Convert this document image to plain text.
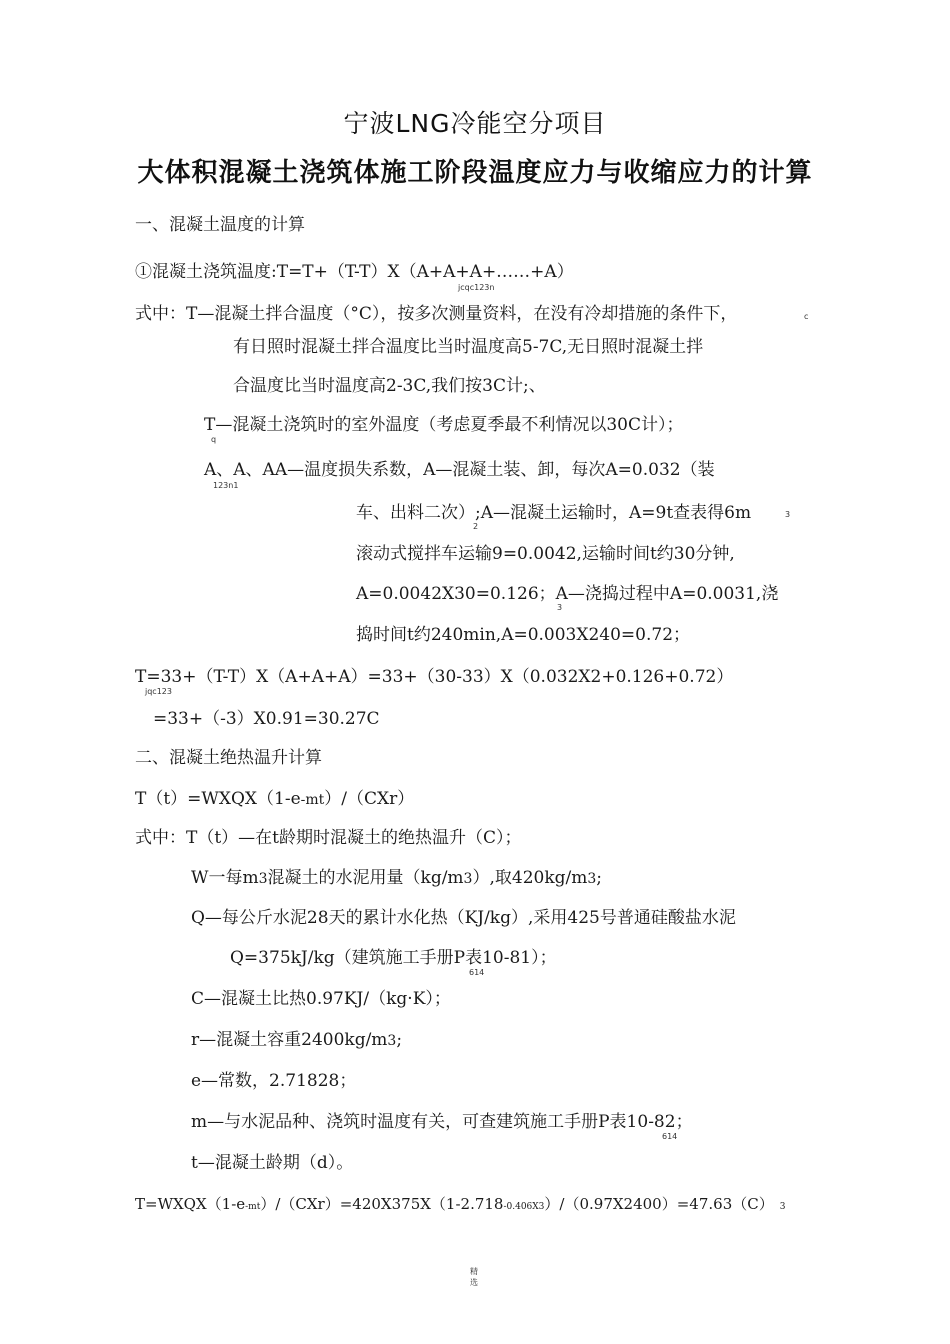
宁波LNG冷能空分项目
大体积混凝土浇筑体施工阶段温度应力与收缩应力的计算
一、混凝土温度的计算
①混凝土浇筑温度:T=T+（T-T）X（A+A+A+……+A）
jcqc123n
式中：T—混凝土拌合温度（°C），按多次测量资料，在没有冷却措施的条件下，	c
有日照时混凝土拌合温度比当时温度高5-7C,无日照时混凝土拌
合温度比当时温度高2-3C,我们按3C计;、
T—混凝土浇筑时的室外温度（考虑夏季最不利情况以30C计）；
q
A、A、AA—温度损失系数，A—混凝土装、卸，每次A=0.032（装
123n1
车、出料二次）;A—混凝土运输时，A=9t查表得6m
2
3
滚动式搅拌车运输9=0.0042,运输时间t约30分钟,
A=0.0042X30=0.126；A—浇捣过程中A=0.0031,浇
3
捣时间t约240min,A=0.003X240=0.72；
T=33+（T-T）X（A+A+A）=33+（30-33）X（0.032X2+0.126+0.72）
jqc123
=33+（-3）X0.91=30.27C
二、混凝土绝热温升计算
T（t）=WXQX（1-e-mt）/（CXr）
式中：T（t）—在t龄期时混凝土的绝热温升（C）；
W一每m3混凝土的水泥用量（kg/m3）,取420kg/m3;
Q—每公斤水泥28天的累计水化热（KJ/kg）,采用425号普通硅酸盐水泥
Q=375kJ/kg（建筑施工手册P表10-81）；
614
C—混凝土比热0.97KJ/（kg·K）；
r—混凝土容重2400kg/m3;
e—常数，2.71828；
m—与水泥品种、浇筑时温度有关，可查建筑施工手册P表10-82；
614
t—混凝土龄期（d）。
T=WXQX（1-e-mt）/（CXr）=420X375X（1-2.718-0.406X3）/（0.97X2400）=47.63（C） 3
精
选
